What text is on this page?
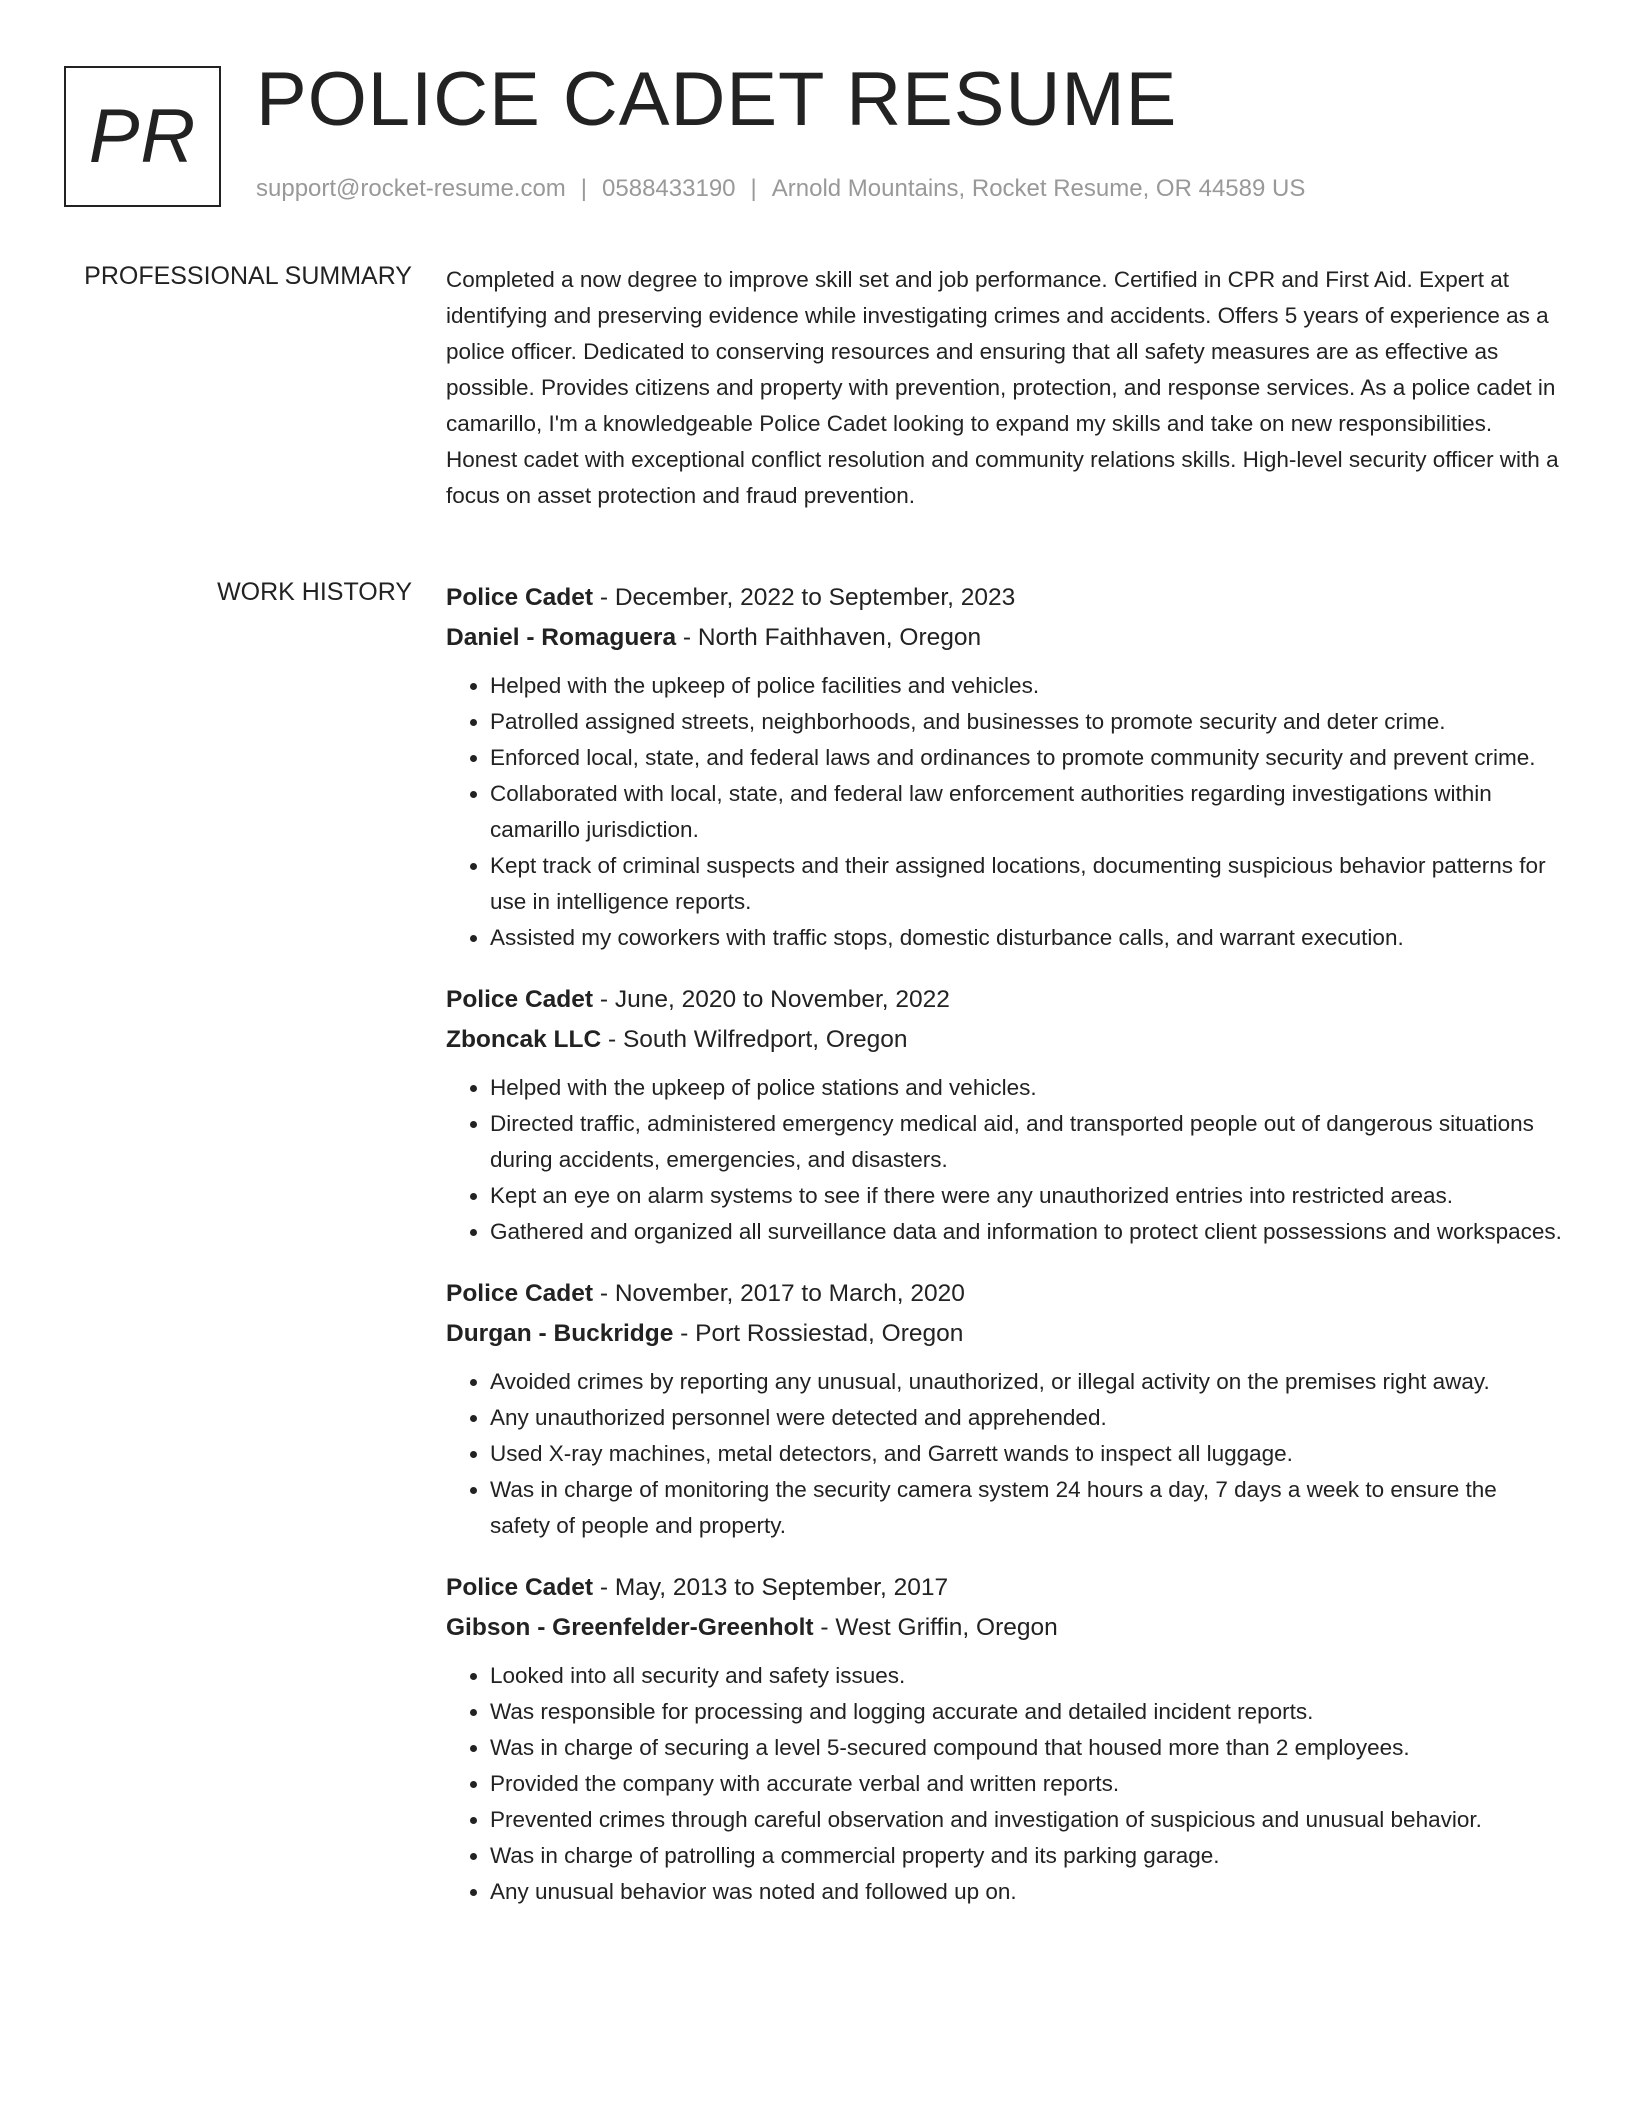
PR POLICE CADET RESUME
support@rocket-resume.com | 0588433190 | Arnold Mountains, Rocket Resume, OR 44589 US
PROFESSIONAL SUMMARY Completed a now degree to improve skill set and job performance. Certified in CPR and First Aid. Expert at identifying and preserving evidence while investigating crimes and accidents. Offers 5 years of experience as a police officer. Dedicated to conserving resources and ensuring that all safety measures are as effective as possible. Provides citizens and property with prevention, protection, and response services. As a police cadet in camarillo, I'm a knowledgeable Police Cadet looking to expand my skills and take on new responsibilities. Honest cadet with exceptional conflict resolution and community relations skills. High-level security officer with a focus on asset protection and fraud prevention.

WORK HISTORY Police Cadet - December, 2022 to September, 2023
Daniel - Romaguera - North Faithhaven, Oregon
• Helped with the upkeep of police facilities and vehicles.
• Patrolled assigned streets, neighborhoods, and businesses to promote security and deter crime.
• Enforced local, state, and federal laws and ordinances to promote community security and prevent crime.
• Collaborated with local, state, and federal law enforcement authorities regarding investigations within camarillo jurisdiction.
• Kept track of criminal suspects and their assigned locations, documenting suspicious behavior patterns for use in intelligence reports.
• Assisted my coworkers with traffic stops, domestic disturbance calls, and warrant execution.
Police Cadet - June, 2020 to November, 2022
Zboncak LLC - South Wilfredport, Oregon
• Helped with the upkeep of police stations and vehicles.
• Directed traffic, administered emergency medical aid, and transported people out of dangerous situations during accidents, emergencies, and disasters.
• Kept an eye on alarm systems to see if there were any unauthorized entries into restricted areas.
• Gathered and organized all surveillance data and information to protect client possessions and workspaces.
Police Cadet - November, 2017 to March, 2020
Durgan - Buckridge - Port Rossiestad, Oregon
• Avoided crimes by reporting any unusual, unauthorized, or illegal activity on the premises right away.
• Any unauthorized personnel were detected and apprehended.
• Used X-ray machines, metal detectors, and Garrett wands to inspect all luggage.
• Was in charge of monitoring the security camera system 24 hours a day, 7 days a week to ensure the safety of people and property.
Police Cadet - May, 2013 to September, 2017
Gibson - Greenfelder-Greenholt - West Griffin, Oregon
• Looked into all security and safety issues.
• Was responsible for processing and logging accurate and detailed incident reports.
• Was in charge of securing a level 5-secured compound that housed more than 2 employees.
• Provided the company with accurate verbal and written reports.
• Prevented crimes through careful observation and investigation of suspicious and unusual behavior.
• Was in charge of patrolling a commercial property and its parking garage.
• Any unusual behavior was noted and followed up on.
